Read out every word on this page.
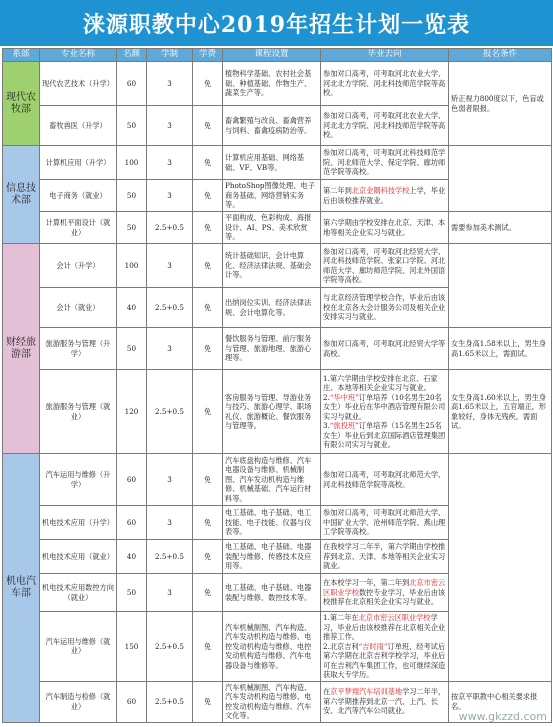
涞源职教中心2019年招生计划一览表
系部	专业名称	名额	学制	学费	课程设置	毕业去向	报名条件
现代农牧部	现代农艺技术（升学）	60	3	免	植物科学基础、农村社会基础、种植基础、作物生产、蔬菜生产等。	参加对口高考，可考取河北农业大学、河北北方学院、河北科技师范学院等高校。	矫正视力800度以下，色盲或色弱者限报。
	畜牧兽医（升学）	50	3	免	畜禽繁殖与改良、畜禽营养与饲料、畜禽疫病防治等。	参加对口高考，可考取河北农业大学、河北北方学院、河北科技师范学院等高校。	
信息技术部	计算机应用（升学）	100	3	免	计算机应用基础、网络基础、VF、VB等。	参加对口高考，可考取河北科技师范学院、河北师范大学、保定学院、廊坊师范学院等高校。	
	电子商务（就业）	50	3	免	PhotoShop图像处理、电子商务基础、网络营销实务等。	第二年到北京金隅科技学校上学，毕业后由该校推荐就业。	
	计算机平面设计（就业）	50	2.5+0.5	免	平面构成、色彩构成、海报设计、AI、PS、美术欣赏等。	第六学期由学校安排在北京、天津、本地等相关企业实习与就业。	需要参加美术测试。
财经旅游部	会计（升学）	100	3	免	统计基础知识、会计电算化、经济法律法规、基础会计等。	参加对口高考，可考取河北经贸大学、河北科技师范学院、张家口学院、河北师范大学、廊坊师范学院、河北外国语学院等高校。	
	会计（就业）	40	2.5+0.5	免	出纳岗位实训、经济法律法规、会计电算化等。	与北京经济管理学校合作，毕业后由该校在北京各大会计服务公司及相关企业安排实习与就业。	
	旅游服务与管理（升学）	50	3	免	餐饮服务与管理、前厅服务与管理、旅游地理、旅游心理等。	参加对口高考，可考取河北经贸大学等高校。	女生身高1.58米以上，男生身高1.65米以上，需面试。
	旅游服务与管理（就业）	120	2.5+0.5	免	客房服务与管理、导游业务与技巧、旅游心理学、职场礼仪、旅游概论、餐饮服务与管理等。	1.第六学期由学校安排在北京、石家庄、本地等相关企业实习与就业。
2.“华中班”订单培养（10名男生20名女生）毕业后在华中酒店管理有限公司实习与就业。
3.“旅投班”订单培养（15名男生25名女生）毕业后到北京国际酒店管理集团有限公司实习与就业。	女生身高1.60米以上，男生身高1.65米以上，五官端正，形象较好，身体无残疾，需面试。
机电汽车部	汽车运用与维修（升学）	60	3	免	汽车底盘构造与维修、汽车电器设备与维修、机械制图、汽车发动机构造与维修、机械基础、汽车运行材料等。	参加对口高考，可考取河北师范大学、河北科技师范学院等高校。	
	机电技术应用（升学）	60	3	免	电工基础、电子基础、电工技能、电子技能、仪器与仪表等。	参加对口高考，可考取河北师范大学、中国矿业大学、沧州师范学院、燕山理工学院等高校。	
	机电技术应用（就业）	40	2.5+0.5	免	电工基础、电子基础、电器装配与维修、传感技术及应用等。	在我校学习二年半，第六学期由学校推荐到北京、天津、本地等相关企业实习就业。	
	机电技术应用数控方向（就业）	50	3	免	电工基础、电子基础、电器装配与维修、数控技术等。	在本校学习一年，第二年到北京市密云区职业学校数控专业学习，毕业后由该校推荐在北京相关企业实习与就业。	
	汽车运用与维修（就业）	150	2.5+0.5	免	汽车机械制图、汽车构造、汽车发动机构造与维修、电控发动机构造与维修、电控发动机构造与维修、汽车电器设备与维修等。	1.第二年在北京市密云区职业学校学习，毕业后由该校推荐在北京相关企业推荐工作。
2.北京吉利“吉时雨”订单班，经考试后第六学期在北京吉利学校学习，毕业后可在吉利汽车集团工作，也可继续深造获取大专学历。	

	汽车制造与检修（就业）	60	2.5+0.5	免	汽车机械制图、汽车构造、汽车发动机构造与维修、电控发动机构造与维修、汽车文化等。	在京平梦翔汽车培训基地学习二年半，第六学期推荐到北京一汽、上汽、长安、北汽等汽车公司就业。	按京平职教中心相关要求报名。
www.gkzzd.com
